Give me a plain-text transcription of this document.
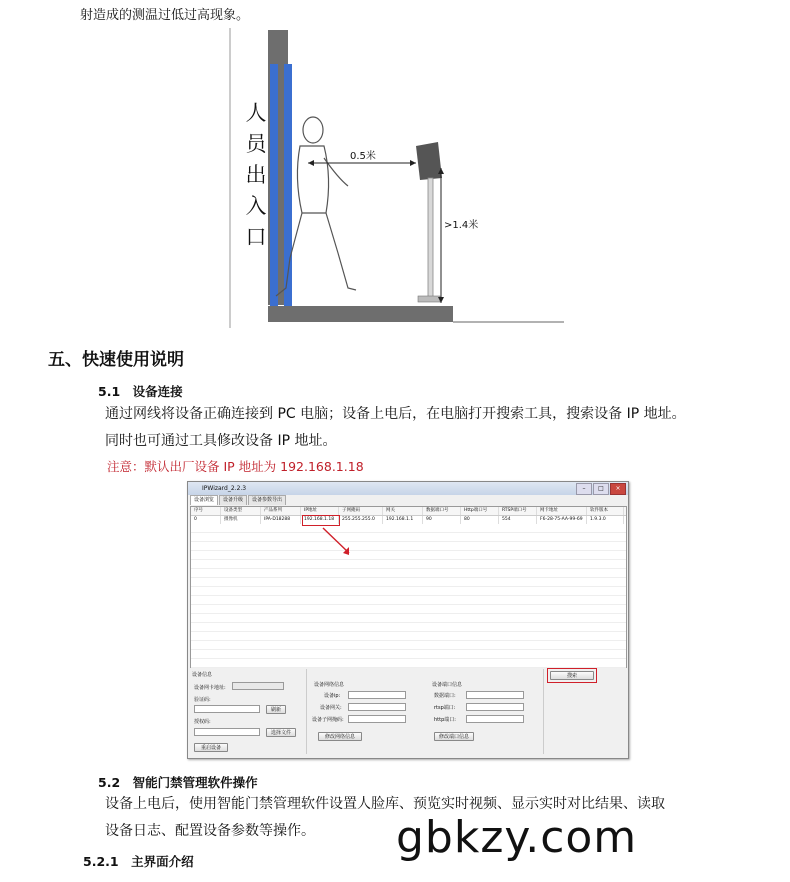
射造成的测温过低过高现象。
人
员
出
入
口
0.5米
>1.4米
五、快速使用说明
5.1　设备连接
通过网线将设备正确连接到 PC 电脑；设备上电后，在电脑打开搜索工具，搜索设备 IP 地址。
同时也可通过工具修改设备 IP 地址。
注意：默认出厂设备 IP 地址为 192.168.1.18
IPWizard_2.2.3	–	□	×
设备浏览	设备升级	设备参数导出
序号	设备类型	产品系列	IP地址	子网掩码	网关	数据端口号	Http端口号	RTSP端口号	网卡地址	软件版本
0	摄像机	IPA-D18288	192.168.1.18	255.255.255.0	192.168.1.1	90	80	554	F6-28-75-AA-99-69	1.9.3.0
设备信息
设备网卡地址:
验证码:
刷新
授权码:
选择文件
重启设备
设备网络信息
设备ip:
设备网关:
设备子网掩码:
修改网络信息
设备端口信息
数据端口:
rtsp端口:
http端口:
修改端口信息
搜索
5.2　智能门禁管理软件操作
设备上电后，使用智能门禁管理软件设置人脸库、预览实时视频、显示实时对比结果、读取
设备日志、配置设备参数等操作。
5.2.1　主界面介绍	gbkzy.com
